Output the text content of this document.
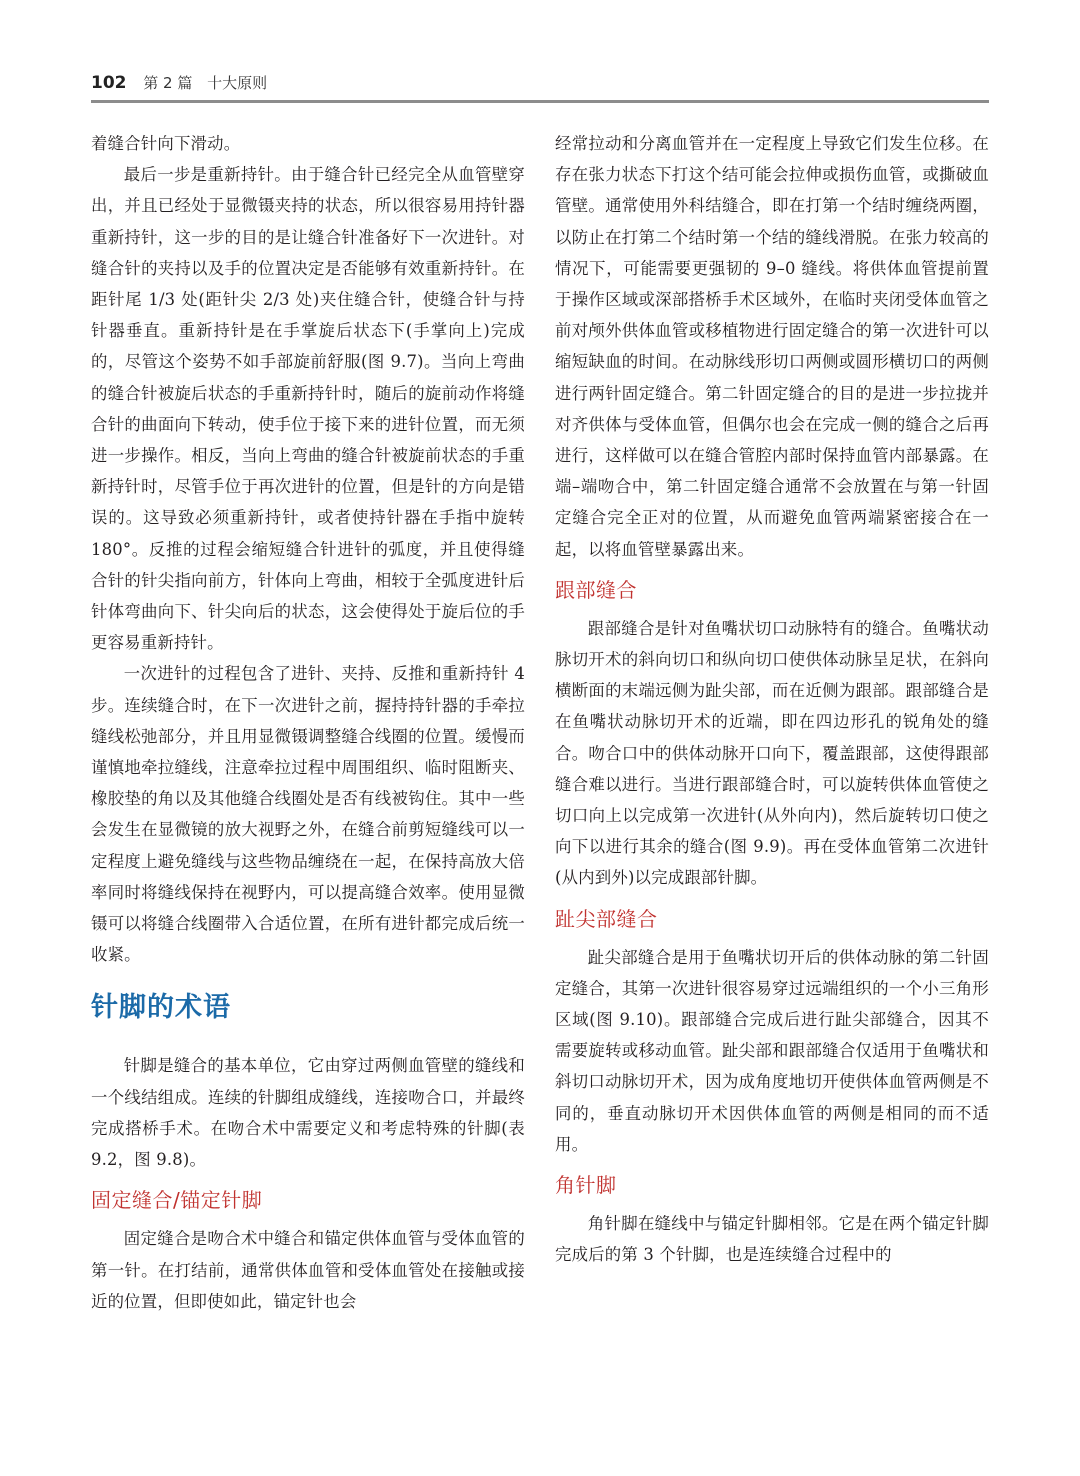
102 第 2 篇 十大原则

着缝合针向下滑动。

最后一步是重新持针。由于缝合针已经完全从血管壁穿出，并且已经处于显微镊夹持的状态，所以很容易用持针器重新持针，这一步的目的是让缝合针准备好下一次进针。对缝合针的夹持以及手的位置决定是否能够有效重新持针。在距针尾 1/3 处(距针尖 2/3 处)夹住缝合针，使缝合针与持针器垂直。重新持针是在手掌旋后状态下(手掌向上)完成的，尽管这个姿势不如手部旋前舒服(图 9.7)。当向上弯曲的缝合针被旋后状态的手重新持针时，随后的旋前动作将缝合针的曲面向下转动，使手位于接下来的进针位置，而无须进一步操作。相反，当向上弯曲的缝合针被旋前状态的手重新持针时，尽管手位于再次进针的位置，但是针的方向是错误的。这导致必须重新持针，或者使持针器在手指中旋转 180°。反推的过程会缩短缝合针进针的弧度，并且使得缝合针的针尖指向前方，针体向上弯曲，相较于全弧度进针后针体弯曲向下、针尖向后的状态，这会使得处于旋后位的手更容易重新持针。

一次进针的过程包含了进针、夹持、反推和重新持针 4 步。连续缝合时，在下一次进针之前，握持持针器的手牵拉缝线松弛部分，并且用显微镊调整缝合线圈的位置。缓慢而谨慎地牵拉缝线，注意牵拉过程中周围组织、临时阻断夹、橡胶垫的角以及其他缝合线圈处是否有线被钩住。其中一些会发生在显微镜的放大视野之外，在缝合前剪短缝线可以一定程度上避免缝线与这些物品缠绕在一起，在保持高放大倍率同时将缝线保持在视野内，可以提高缝合效率。使用显微镊可以将缝合线圈带入合适位置，在所有进针都完成后统一收紧。

针脚的术语

针脚是缝合的基本单位，它由穿过两侧血管壁的缝线和一个线结组成。连续的针脚组成缝线，连接吻合口，并最终完成搭桥手术。在吻合术中需要定义和考虑特殊的针脚(表 9.2，图 9.8)。

固定缝合/锚定针脚

固定缝合是吻合术中缝合和锚定供体血管与受体血管的第一针。在打结前，通常供体血管和受体血管处在接触或接近的位置，但即使如此，锚定针也会

经常拉动和分离血管并在一定程度上导致它们发生位移。在存在张力状态下打这个结可能会拉伸或损伤血管，或撕破血管壁。通常使用外科结缝合，即在打第一个结时缠绕两圈，以防止在打第二个结时第一个结的缝线滑脱。在张力较高的情况下，可能需要更强韧的 9–0 缝线。将供体血管提前置于操作区域或深部搭桥手术区域外，在临时夹闭受体血管之前对颅外供体血管或移植物进行固定缝合的第一次进针可以缩短缺血的时间。在动脉线形切口两侧或圆形横切口的两侧进行两针固定缝合。第二针固定缝合的目的是进一步拉拢并对齐供体与受体血管，但偶尔也会在完成一侧的缝合之后再进行，这样做可以在缝合管腔内部时保持血管内部暴露。在端–端吻合中，第二针固定缝合通常不会放置在与第一针固定缝合完全正对的位置，从而避免血管两端紧密接合在一起，以将血管壁暴露出来。

跟部缝合

跟部缝合是针对鱼嘴状切口动脉特有的缝合。鱼嘴状动脉切开术的斜向切口和纵向切口使供体动脉呈足状，在斜向横断面的末端远侧为趾尖部，而在近侧为跟部。跟部缝合是在鱼嘴状动脉切开术的近端，即在四边形孔的锐角处的缝合。吻合口中的供体动脉开口向下，覆盖跟部，这使得跟部缝合难以进行。当进行跟部缝合时，可以旋转供体血管使之切口向上以完成第一次进针(从外向内)，然后旋转切口使之向下以进行其余的缝合(图 9.9)。再在受体血管第二次进针(从内到外)以完成跟部针脚。

趾尖部缝合

趾尖部缝合是用于鱼嘴状切开后的供体动脉的第二针固定缝合，其第一次进针很容易穿过远端组织的一个小三角形区域(图 9.10)。跟部缝合完成后进行趾尖部缝合，因其不需要旋转或移动血管。趾尖部和跟部缝合仅适用于鱼嘴状和斜切口动脉切开术，因为成角度地切开使供体血管两侧是不同的，垂直动脉切开术因供体血管的两侧是相同的而不适用。

角针脚

角针脚在缝线中与锚定针脚相邻。它是在两个锚定针脚完成后的第 3 个针脚，也是连续缝合过程中的
